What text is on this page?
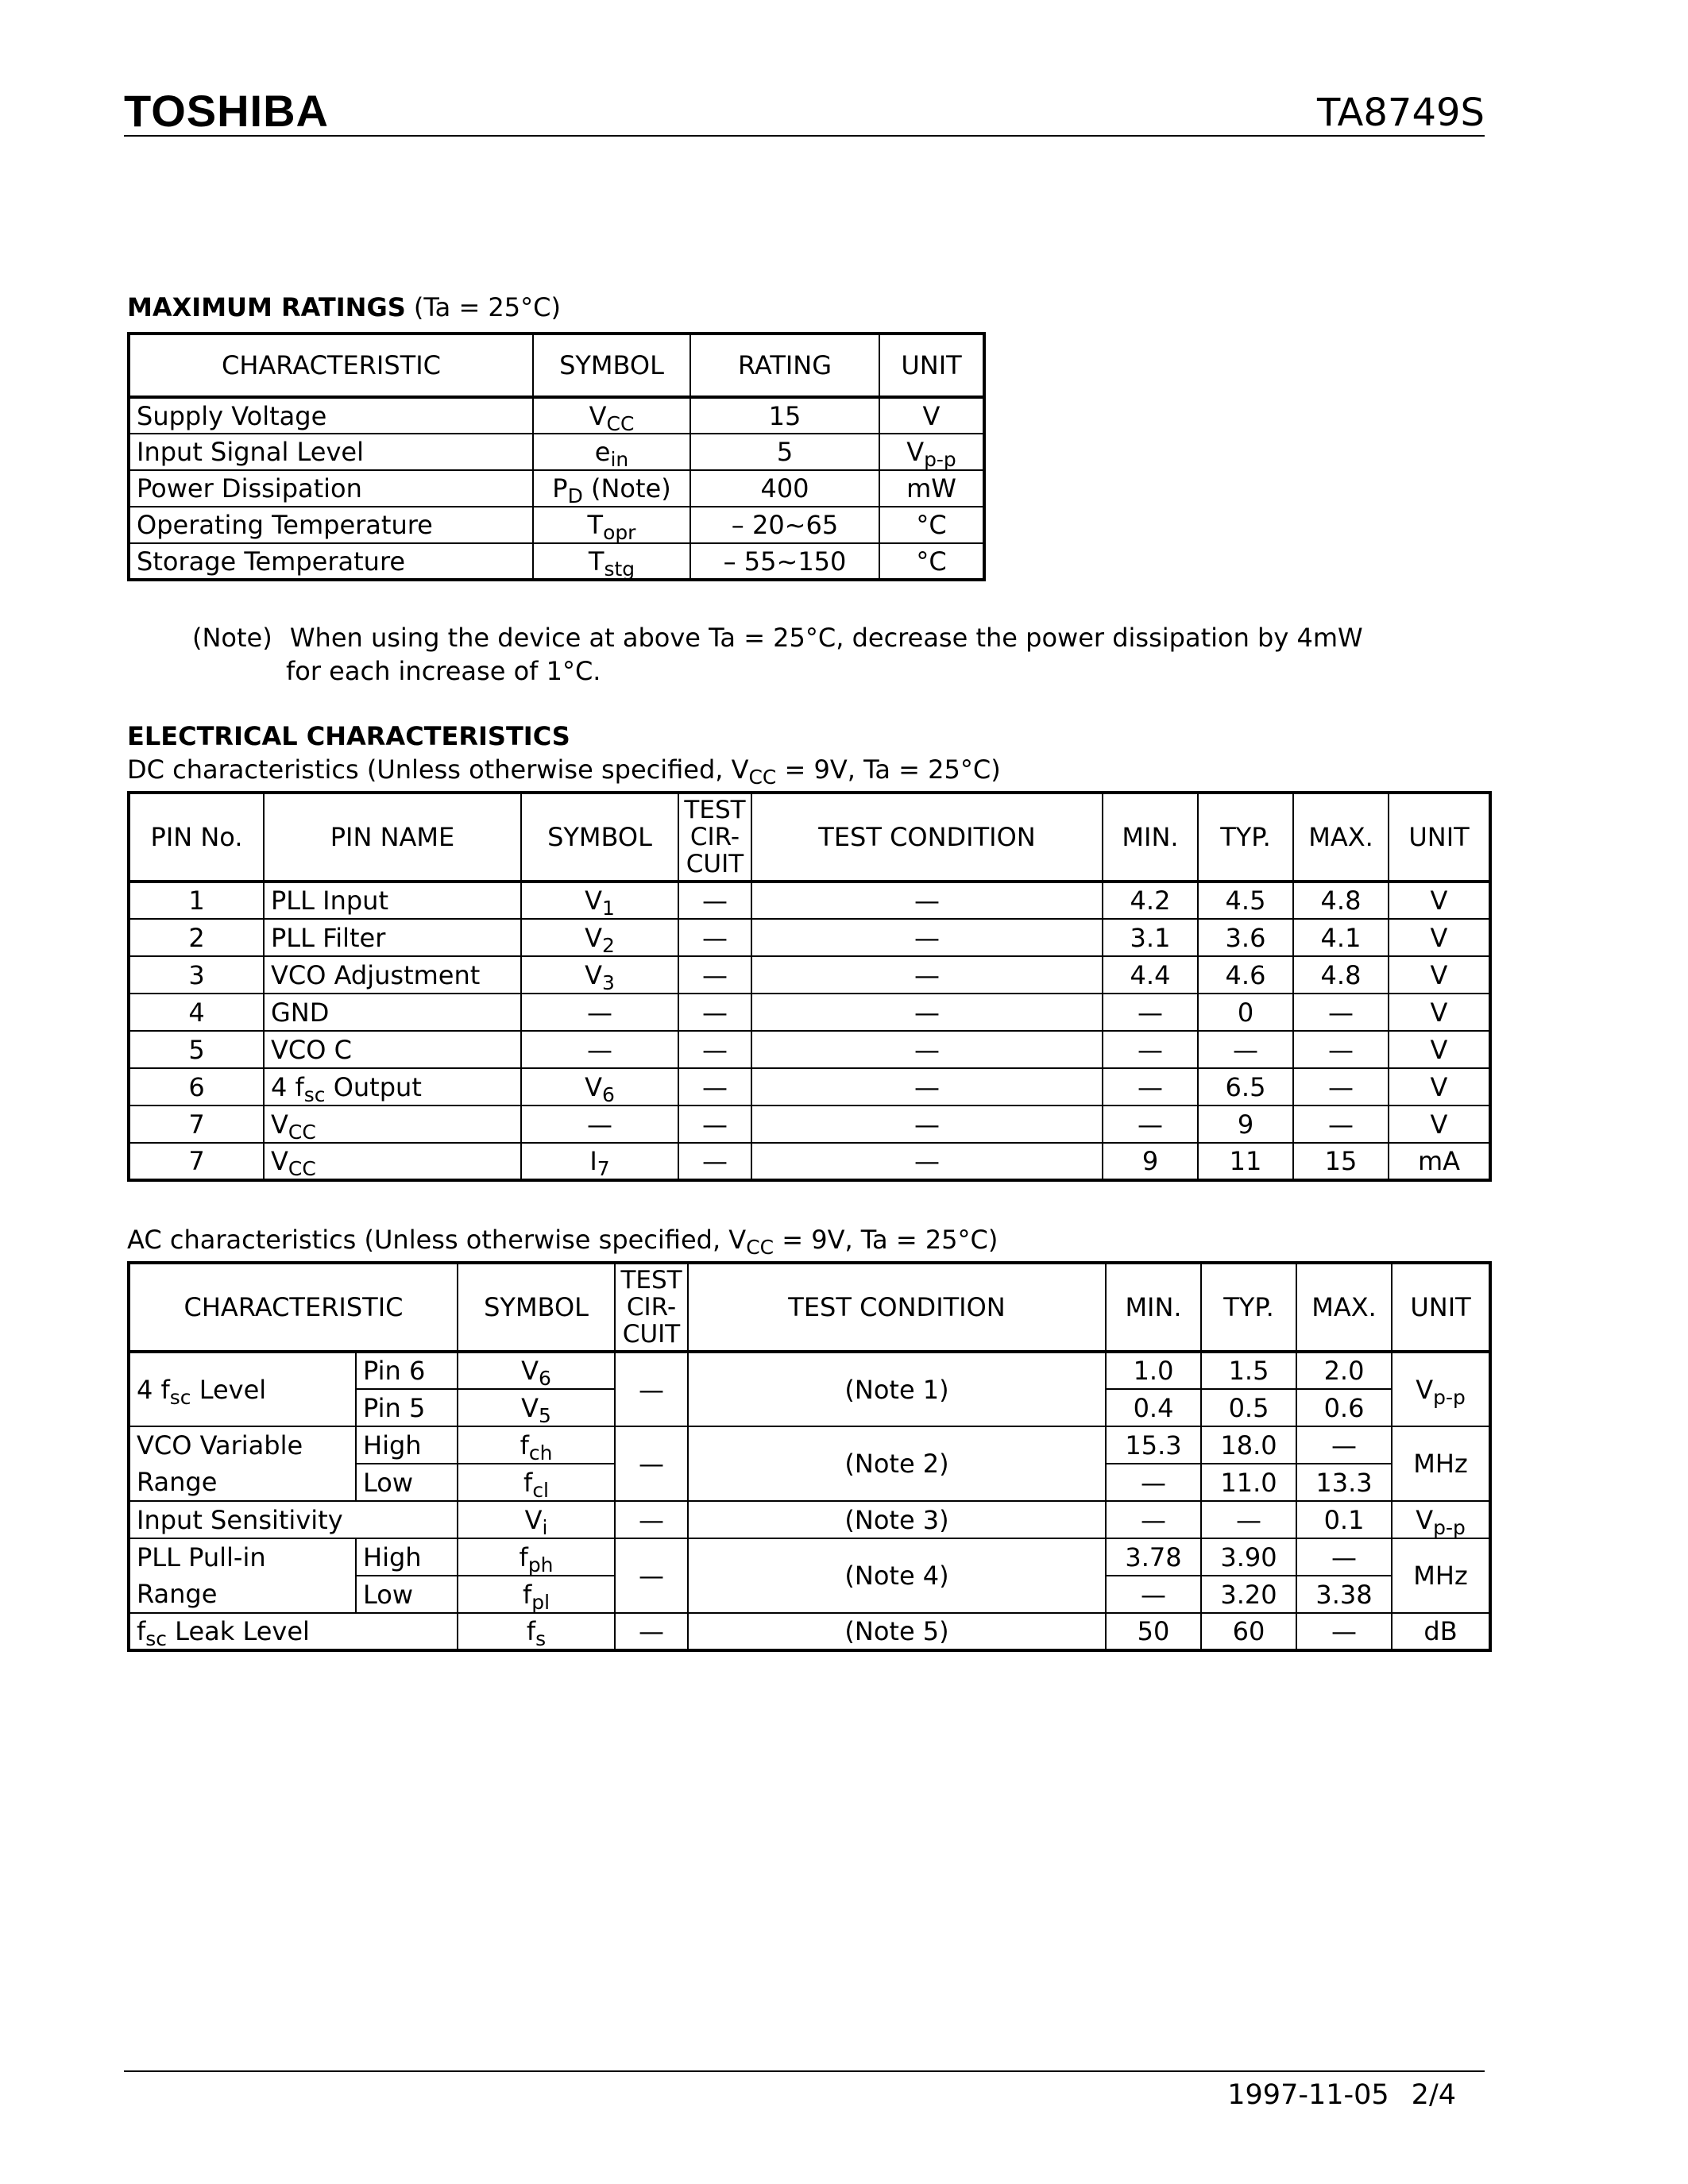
TOSHIBA	TA8749S
MAXIMUM RATINGS (Ta = 25°C)
CHARACTERISTIC	SYMBOL	RATING	UNIT
Supply Voltage	$V_{CC}$	15	V
Input Signal Level	$e_{in}$	5	$V_{p-p}$
Power Dissipation	$P_D$ (Note)	400	mW
Operating Temperature	$T_{opr}$	– 20~65	°C
Storage Temperature	$T_{stg}$	– 55~150	°C
(Note) When using the device at above Ta = 25°C, decrease the power dissipation by 4mW
for each increase of 1°C.
ELECTRICAL CHARACTERISTICS
DC characteristics (Unless otherwise specified, $V_{CC} = 9V$, Ta = 25°C)
PIN No.	PIN NAME	SYMBOL	TEST
CIR-
CUIT	TEST CONDITION	MIN.	TYP.	MAX.	UNIT
1	PLL Input	$V_1$	—	—	4.2	4.5	4.8	V
2	PLL Filter	$V_2$	—	—	3.1	3.6	4.1	V
3	VCO Adjustment	$V_3$	—	—	4.4	4.6	4.8	V
4	GND	—	—	—	—	0	—	V
5	VCO C	—	—	—	—	—	—	V
6	4 $f_{sc}$ Output	$V_6$	—	—	—	6.5	—	V
7	$V_{CC}$	—	—	—	—	9	—	V
7	$V_{CC}$	$I_7$	—	—	9	11	15	mA
AC characteristics (Unless otherwise specified, $V_{CC} = 9V$, Ta = 25°C)
CHARACTERISTIC		SYMBOL	TEST
CIR-
CUIT	TEST CONDITION	MIN.	TYP.	MAX.	UNIT
4 $f_{sc}$ Level	Pin 6	$V_6$	—	(Note 1)	1.0	1.5	2.0	$V_{p-p}$
	Pin 5	$V_5$			0.4	0.5	0.6	

VCO Variable
Range	High	$f_{ch}$	—	(Note 2)	15.3	18.0	—	MHz
	Low	$f_{cl}$			—	11.0	13.3	
Input Sensitivity		$V_i$	—	(Note 3)	—	—	0.1	$V_{p-p}$

PLL Pull-in
Range	High	$f_{ph}$	—	(Note 4)	3.78	3.90	—	MHz
	Low	$f_{pl}$			—	3.20	3.38	
$f_{sc}$ Leak Level		$f_s$	—	(Note 5)	50	60	—	dB
1997-11-05 2/4
